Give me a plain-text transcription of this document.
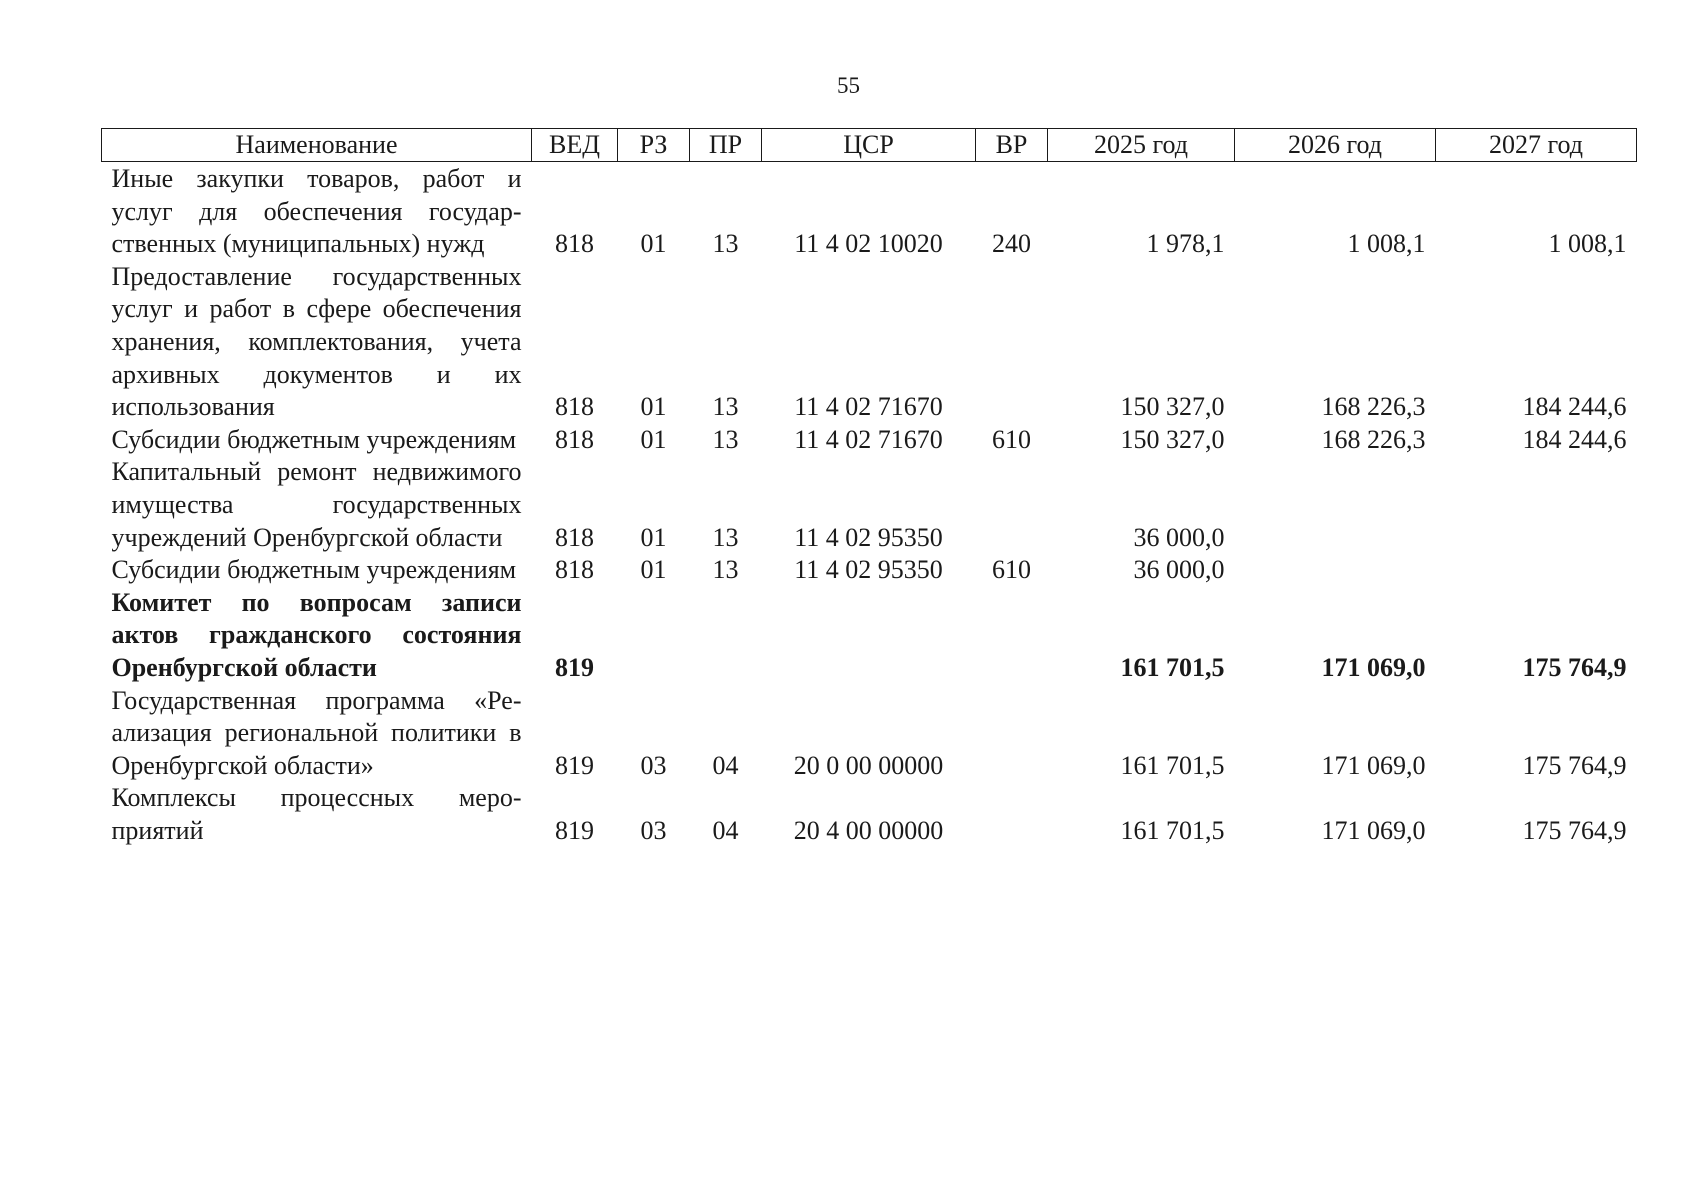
55
Наименование	ВЕД	РЗ	ПР	ЦСР	ВР	2025 год	2026 год	2027 год
Иные закупки товаров, работ и услуг для обеспечения государственных (муниципальных) нужд	818	01	13	11 4 02 10020	240	1 978,1	1 008,1	1 008,1
Предоставление государственных услуг и работ в сфере обеспечения хранения, комплектования, учета архивных документов и их использования	818	01	13	11 4 02 71670		150 327,0	168 226,3	184 244,6
Субсидии бюджетным учреждениям	818	01	13	11 4 02 71670	610	150 327,0	168 226,3	184 244,6
Капитальный ремонт недвижимого имущества государственных учреждений Оренбургской области	818	01	13	11 4 02 95350		36 000,0		
Субсидии бюджетным учреждениям	818	01	13	11 4 02 95350	610	36 000,0		
Комитет по вопросам записи актов гражданского состояния Оренбургской области	819					161 701,5	171 069,0	175 764,9
Государственная программа «Реализация региональной политики в Оренбургской области»	819	03	04	20 0 00 00000		161 701,5	171 069,0	175 764,9
Комплексы процессных мероприятий	819	03	04	20 4 00 00000		161 701,5	171 069,0	175 764,9
